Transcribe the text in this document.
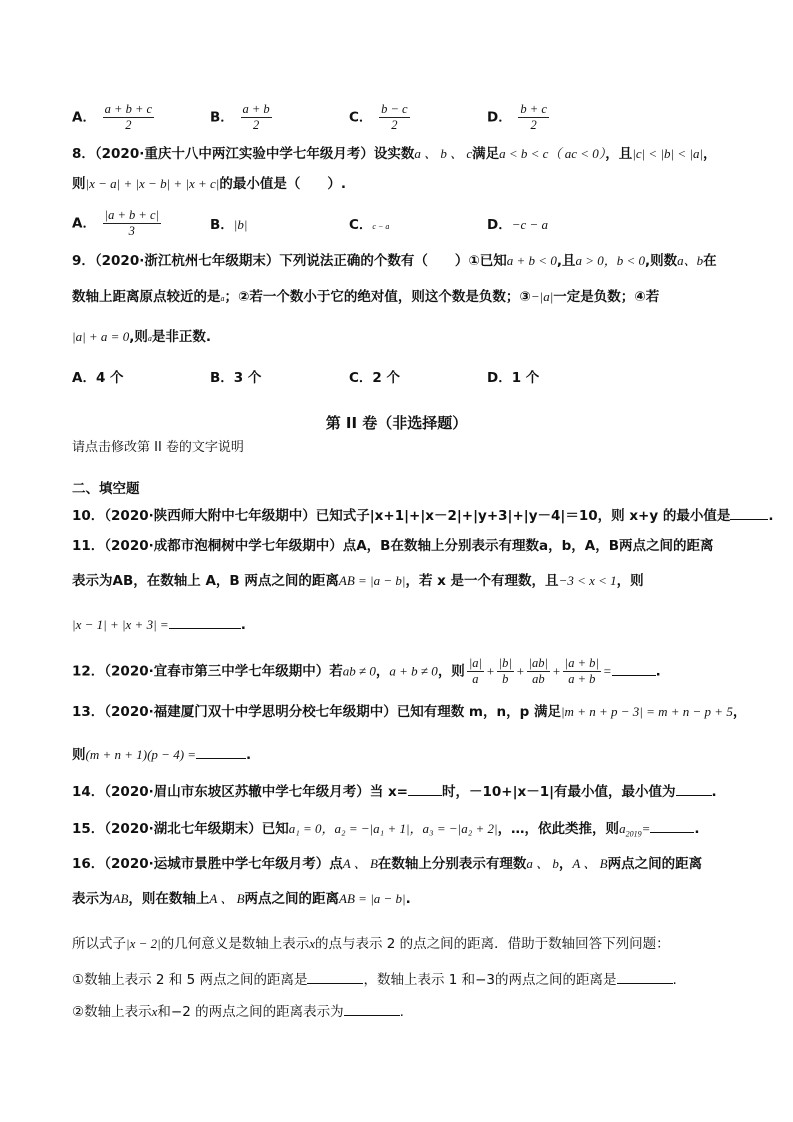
A． $\frac{a + b + c}{2}$	B． $\frac{a + b}{2}$	C． $\frac{b - c}{2}$	D． $\frac{b + c}{2}$
8．（2020·重庆十八中两江实验中学七年级月考）设实数a 、 b 、 c满足a < b < c（ ac < 0），且|c| < |b| < |a|，
则|x − a| + |x − b| + |x + c|的最小值是（　　）.
A． $\frac{|a + b + c|}{3}$	B．|b|	C．c − a	D．−c − a
9．（2020·浙江杭州七年级期末）下列说法正确的个数有（　　）①已知a + b < 0,且a > 0，b < 0,则数a、b在
数轴上距离原点较近的是a；②若一个数小于它的绝对值，则这个数是负数；③−|a|一定是负数；④若
|a| + a = 0,则a是非正数.
A．4 个	B．3 个	C．2 个	D．1 个
第 II 卷（非选择题）
请点击修改第 II 卷的文字说明
二、填空题
10．（2020·陕西师大附中七年级期中）已知式子|x+1|+|x－2|+|y+3|+|y－4|＝10，则 x+y 的最小值是	.
11．（2020·成都市泡桐树中学七年级期中）点A，B在数轴上分别表示有理数a，b，A，B两点之间的距离
表示为AB，在数轴上 A，B 两点之间的距离AB = |a − b|，若 x 是一个有理数，且−3 < x < 1，则
|x − 1| + |x + 3| =	.
12．（2020·宜春市第三中学七年级期中）若ab ≠ 0，a + b ≠ 0，则 $\frac{|a|}{a} + \frac{|b|}{b} + \frac{|ab|}{ab} + \frac{|a + b|}{a + b}$ =	.
13．（2020·福建厦门双十中学思明分校七年级期中）已知有理数 m，n，p 满足|m + n + p − 3| = m + n − p + 5，
则(m + n + 1)(p − 4) =	.
14．（2020·眉山市东坡区苏辙中学七年级月考）当 x=	时，－10+|x－1|有最小值，最小值为	.
15．（2020·湖北七年级期末）已知a₁ = 0，a₂ = −|a₁ + 1|，a₃ = −|a₂ + 2|，…，依此类推，则$a_{2019}=$	.
16．（2020·运城市景胜中学七年级月考）点A 、 B在数轴上分别表示有理数a 、 b，A 、 B两点之间的距离
表示为AB，则在数轴上A 、 B两点之间的距离AB = |a − b|.
所以式子|x − 2|的几何意义是数轴上表示x的点与表示 2 的点之间的距离．借助于数轴回答下列问题：
①数轴上表示 2 和 5 两点之间的距离是	，数轴上表示 1 和−3的两点之间的距离是	.
②数轴上表示x和−2 的两点之间的距离表示为	.
